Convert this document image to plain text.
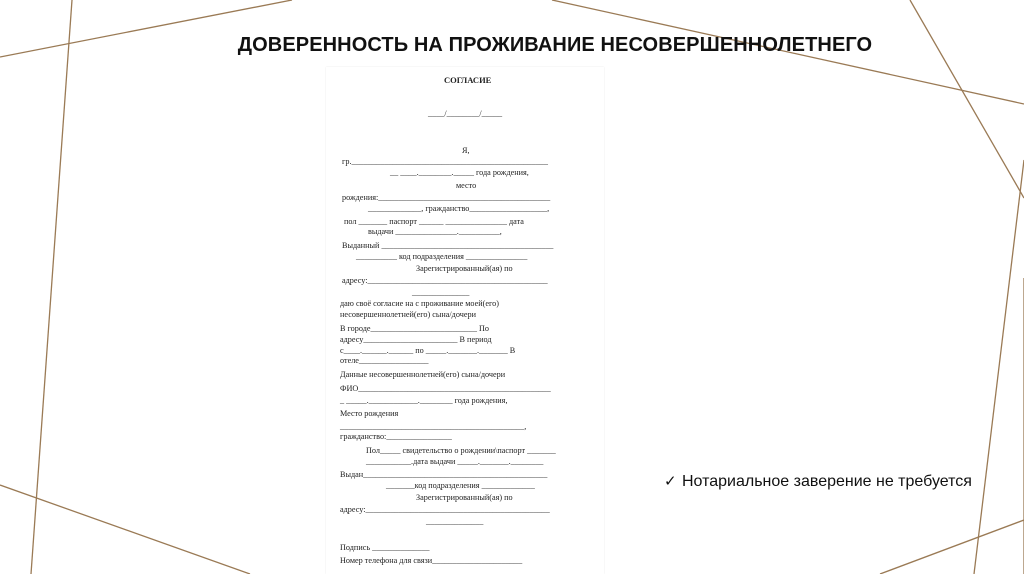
ДОВЕРЕННОСТЬ НА ПРОЖИВАНИЕ НЕСОВЕРШЕННОЛЕТНЕГО
СОГЛАСИЕ
____/________/_____
Я,
гр.________________________________________________
__ ____.________._____ года рождения,
место
рождения:__________________________________________
_____________, гражданство___________________,
пол _______ паспорт ______ _______________ дата
выдачи _______________.__________,
Выданный __________________________________________
__________ код подразделения _______________
Зарегистрированный(ая) по
адресу:____________________________________________
______________
даю своё согласие на с проживание моей(его)
несовершеннолетней(его) сына/дочери
В городе__________________________ По
адресу_______________________ В период
с____.______.______ по _____._______._______ В
отеле_________________
Данные несовершеннолетней(его) сына/дочери
ФИО_______________________________________________
_ _____.____________.________ года рождения,
Место рождения
_____________________________________________,
гражданство:________________
Пол_____ свидетельство о рождении\паспорт _______
___________.дата выдачи _____._______.________
Выдан_____________________________________________
_______код подразделения _____________
Зарегистрированный(ая) по
адресу:_____________________________________________
______________
Подпись ______________
Номер телефона для связи______________________
✓ Нотариальное заверение не требуется
